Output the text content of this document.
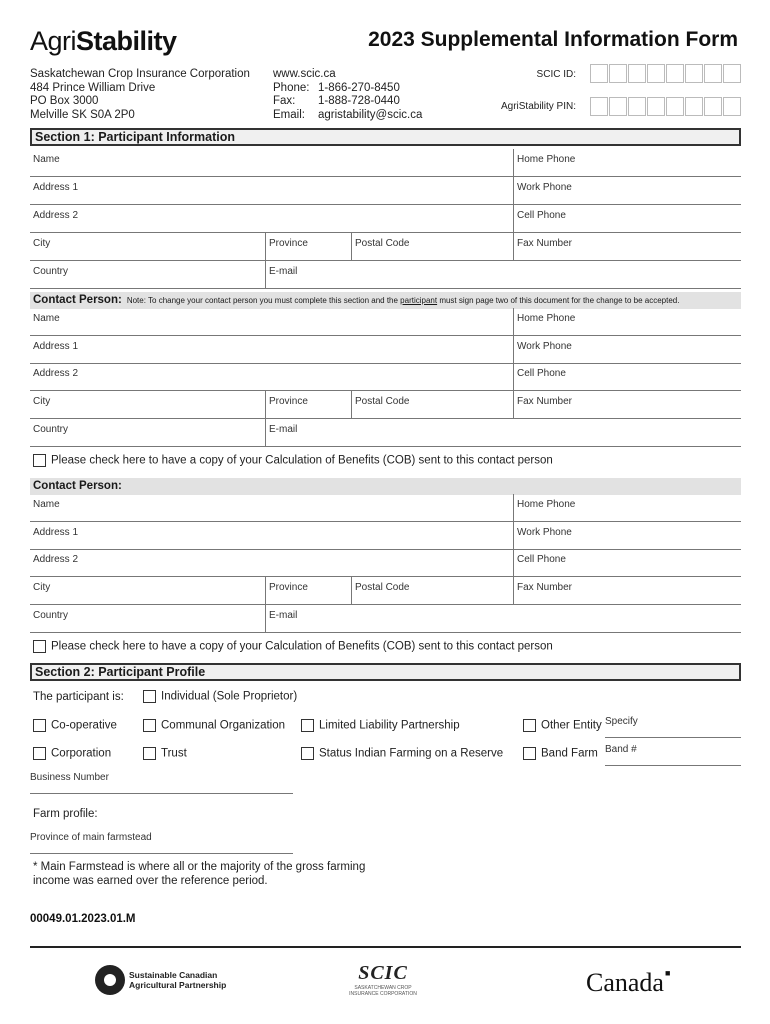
AgriStability	2023 Supplemental Information Form
Saskatchewan Crop Insurance Corporation
484 Prince William Drive
PO Box 3000
Melville SK S0A 2P0
www.scic.ca
Phone: 1-866-270-8450
Fax:	1-888-728-0440
Email:	agristability@scic.ca
SCIC ID:
AgriStability PIN:
Section 1: Participant Information
Name	Home Phone
Address 1	Work Phone
Address 2	Cell Phone
City	Province	Postal Code	Fax Number
Country	E-mail
Contact Person: Note: To change your contact person you must complete this section and the participant must sign page two of this document for the change to be accepted.
Name	Home Phone
Address 1	Work Phone
Address 2	Cell Phone
City	Province	Postal Code	Fax Number
Country	E-mail
Please check here to have a copy of your Calculation of Benefits (COB) sent to this contact person
Contact Person:
Name	Home Phone
Address 1	Work Phone
Address 2	Cell Phone
City	Province	Postal Code	Fax Number
Country	E-mail
Please check here to have a copy of your Calculation of Benefits (COB) sent to this contact person
Section 2: Participant Profile
The participant is:	Individual (Sole Proprietor)
Co-operative	Communal Organization	Limited Liability Partnership	Other Entity Specify
Corporation	Trust	Status Indian Farming on a Reserve	Band Farm Band #
Business Number
Farm profile:
Province of main farmstead
* Main Farmstead is where all or the majority of the gross farming
income was earned over the reference period.
00049.01.2023.01.M
Sustainable Canadian
Agricultural Partnership
SCIC
SASKATCHEWAN CROP INSURANCE CORPORATION	Canada■
